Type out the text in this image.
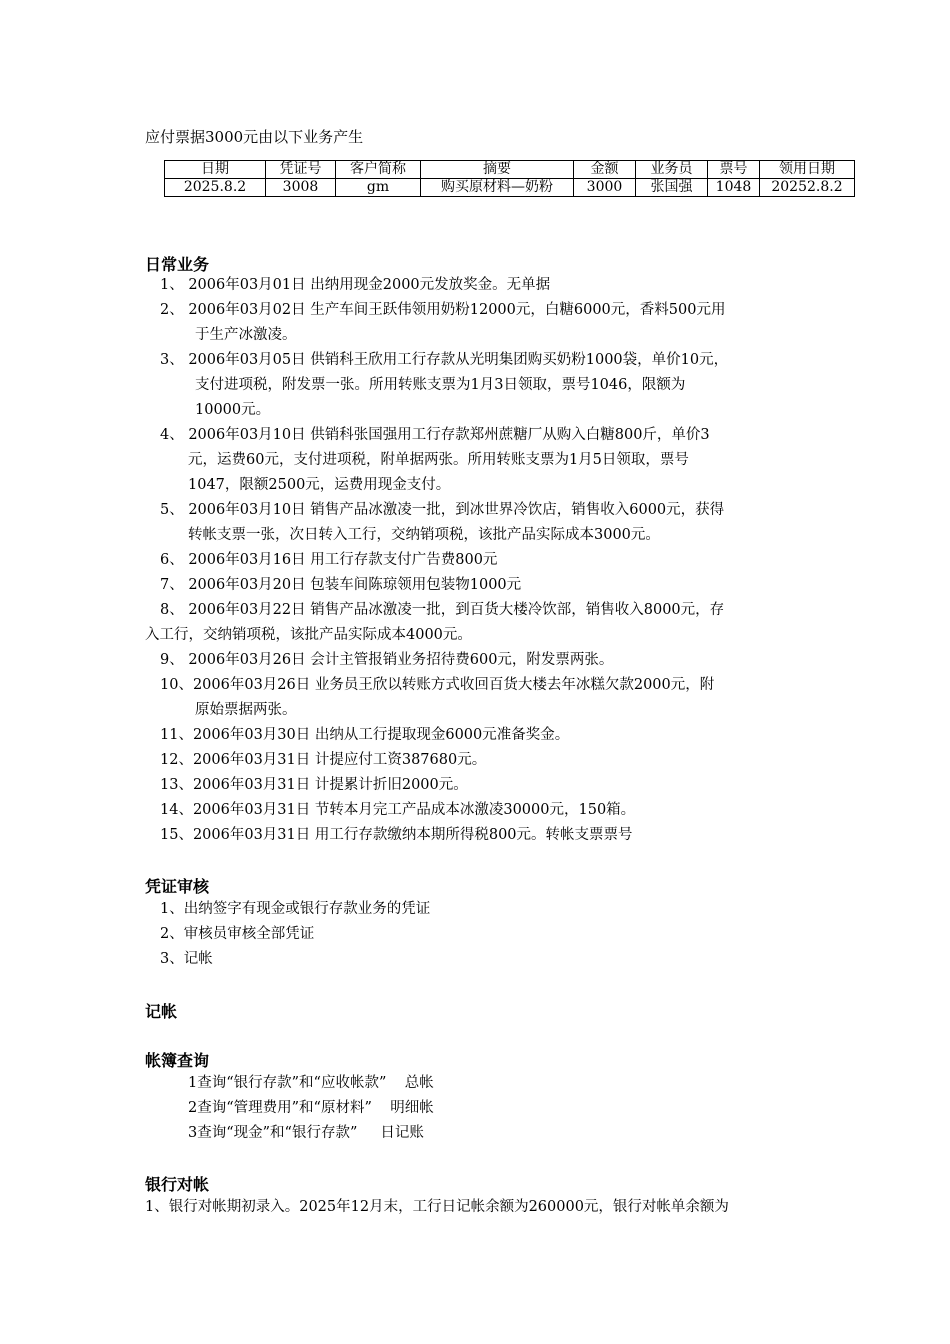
应付票据3000元由以下业务产生
日期	凭证号	客户简称	摘要	金额	业务员	票号	领用日期
2025.8.2	3008	gm	购买原材料—奶粉	3000	张国强	1048	20252.8.2
日常业务
1、 2006年03月01日 出纳用现金2000元发放奖金。无单据
2、 2006年03月02日 生产车间王跃伟领用奶粉12000元，白糖6000元，香料500元用
于生产冰激凌。
3、 2006年03月05日 供销科王欣用工行存款从光明集团购买奶粉1000袋，单价10元，
支付进项税，附发票一张。所用转账支票为1月3日领取，票号1046，限额为
10000元。
4、 2006年03月10日 供销科张国强用工行存款郑州蔗糖厂从购入白糖800斤，单价3
元，运费60元，支付进项税，附单据两张。所用转账支票为1月5日领取，票号
1047，限额2500元，运费用现金支付。
5、 2006年03月10日 销售产品冰激凌一批，到冰世界冷饮店，销售收入6000元，获得
转帐支票一张，次日转入工行，交纳销项税，该批产品实际成本3000元。
6、 2006年03月16日 用工行存款支付广告费800元
7、 2006年03月20日 包装车间陈琼领用包装物1000元
8、 2006年03月22日 销售产品冰激凌一批，到百货大楼冷饮部，销售收入8000元，存
入工行，交纳销项税，该批产品实际成本4000元。
9、 2006年03月26日 会计主管报销业务招待费600元，附发票两张。
10、2006年03月26日 业务员王欣以转账方式收回百货大楼去年冰糕欠款2000元，附
原始票据两张。
11、2006年03月30日 出纳从工行提取现金6000元准备奖金。
12、2006年03月31日 计提应付工资387680元。
13、2006年03月31日 计提累计折旧2000元。
14、2006年03月31日 节转本月完工产品成本冰激凌30000元，150箱。
15、2006年03月31日 用工行存款缴纳本期所得税800元。转帐支票票号
凭证审核
1、出纳签字有现金或银行存款业务的凭证
2、审核员审核全部凭证
3、记帐
记帐
帐簿查询
1查询“银行存款”和“应收帐款”    总帐
2查询“管理费用”和“原材料”    明细帐
3查询“现金”和“银行存款”     日记账
银行对帐
1、银行对帐期初录入。2025年12月末，工行日记帐余额为260000元，银行对帐单余额为
